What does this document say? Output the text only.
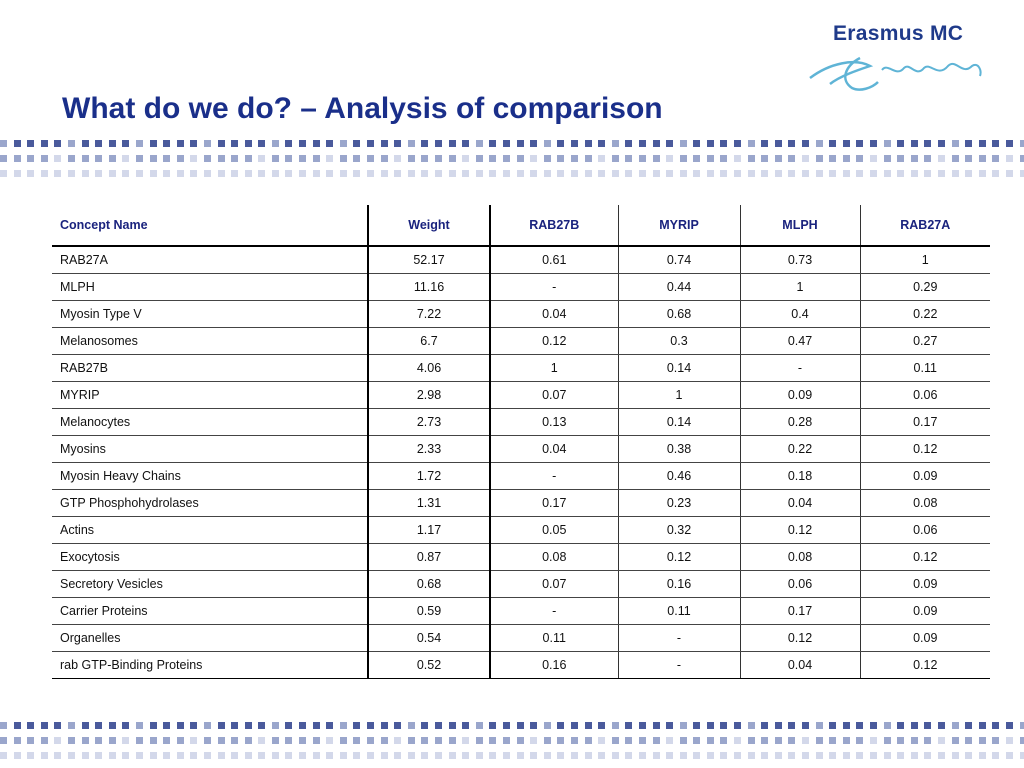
Erasmus MC
What do we do? – Analysis of comparison
Concept Name	Weight	RAB27B	MYRIP	MLPH	RAB27A
RAB27A	52.17	0.61	0.74	0.73	1
MLPH	11.16	-	0.44	1	0.29
Myosin Type V	7.22	0.04	0.68	0.4	0.22
Melanosomes	6.7	0.12	0.3	0.47	0.27
RAB27B	4.06	1	0.14	-	0.11
MYRIP	2.98	0.07	1	0.09	0.06
Melanocytes	2.73	0.13	0.14	0.28	0.17
Myosins	2.33	0.04	0.38	0.22	0.12
Myosin Heavy Chains	1.72	-	0.46	0.18	0.09
GTP Phosphohydrolases	1.31	0.17	0.23	0.04	0.08
Actins	1.17	0.05	0.32	0.12	0.06
Exocytosis	0.87	0.08	0.12	0.08	0.12
Secretory Vesicles	0.68	0.07	0.16	0.06	0.09
Carrier Proteins	0.59	-	0.11	0.17	0.09
Organelles	0.54	0.11	-	0.12	0.09
rab GTP-Binding Proteins	0.52	0.16	-	0.04	0.12
